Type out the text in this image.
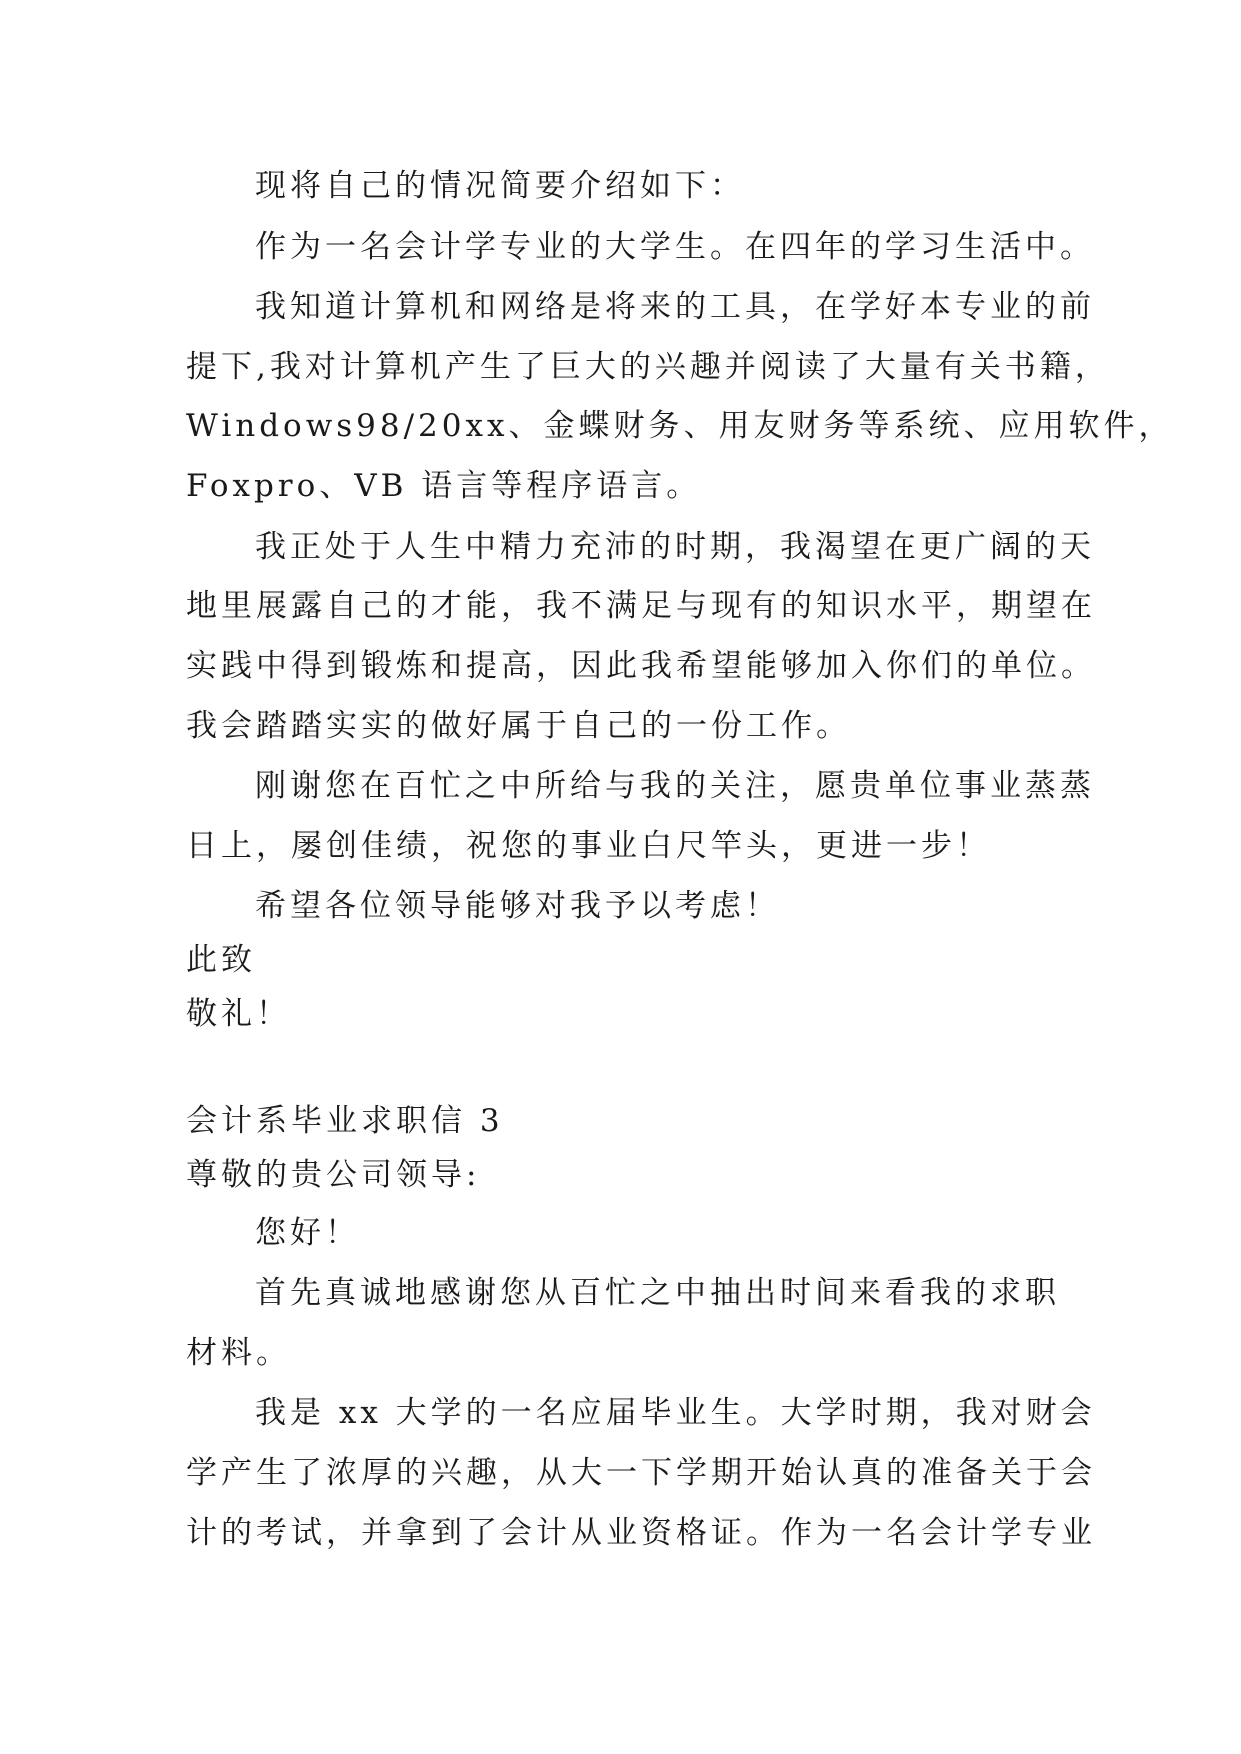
现将自己的情况简要介绍如下：
作为一名会计学专业的大学生。在四年的学习生活中。
我知道计算机和网络是将来的工具，在学好本专业的前
提下,我对计算机产生了巨大的兴趣并阅读了大量有关书籍，
Windows98/20xx、金蝶财务、用友财务等系统、应用软件，
Foxpro、VB 语言等程序语言。
我正处于人生中精力充沛的时期，我渴望在更广阔的天
地里展露自己的才能，我不满足与现有的知识水平，期望在
实践中得到锻炼和提高，因此我希望能够加入你们的单位。
我会踏踏实实的做好属于自己的一份工作。
刚谢您在百忙之中所给与我的关注，愿贵单位事业蒸蒸
日上，屡创佳绩，祝您的事业白尺竿头，更进一步！
希望各位领导能够对我予以考虑！
此致
敬礼！
会计系毕业求职信 3
尊敬的贵公司领导:
您好！
首先真诚地感谢您从百忙之中抽出时间来看我的求职
材料。
我是 xx 大学的一名应届毕业生。大学时期，我对财会
学产生了浓厚的兴趣，从大一下学期开始认真的准备关于会
计的考试，并拿到了会计从业资格证。作为一名会计学专业
